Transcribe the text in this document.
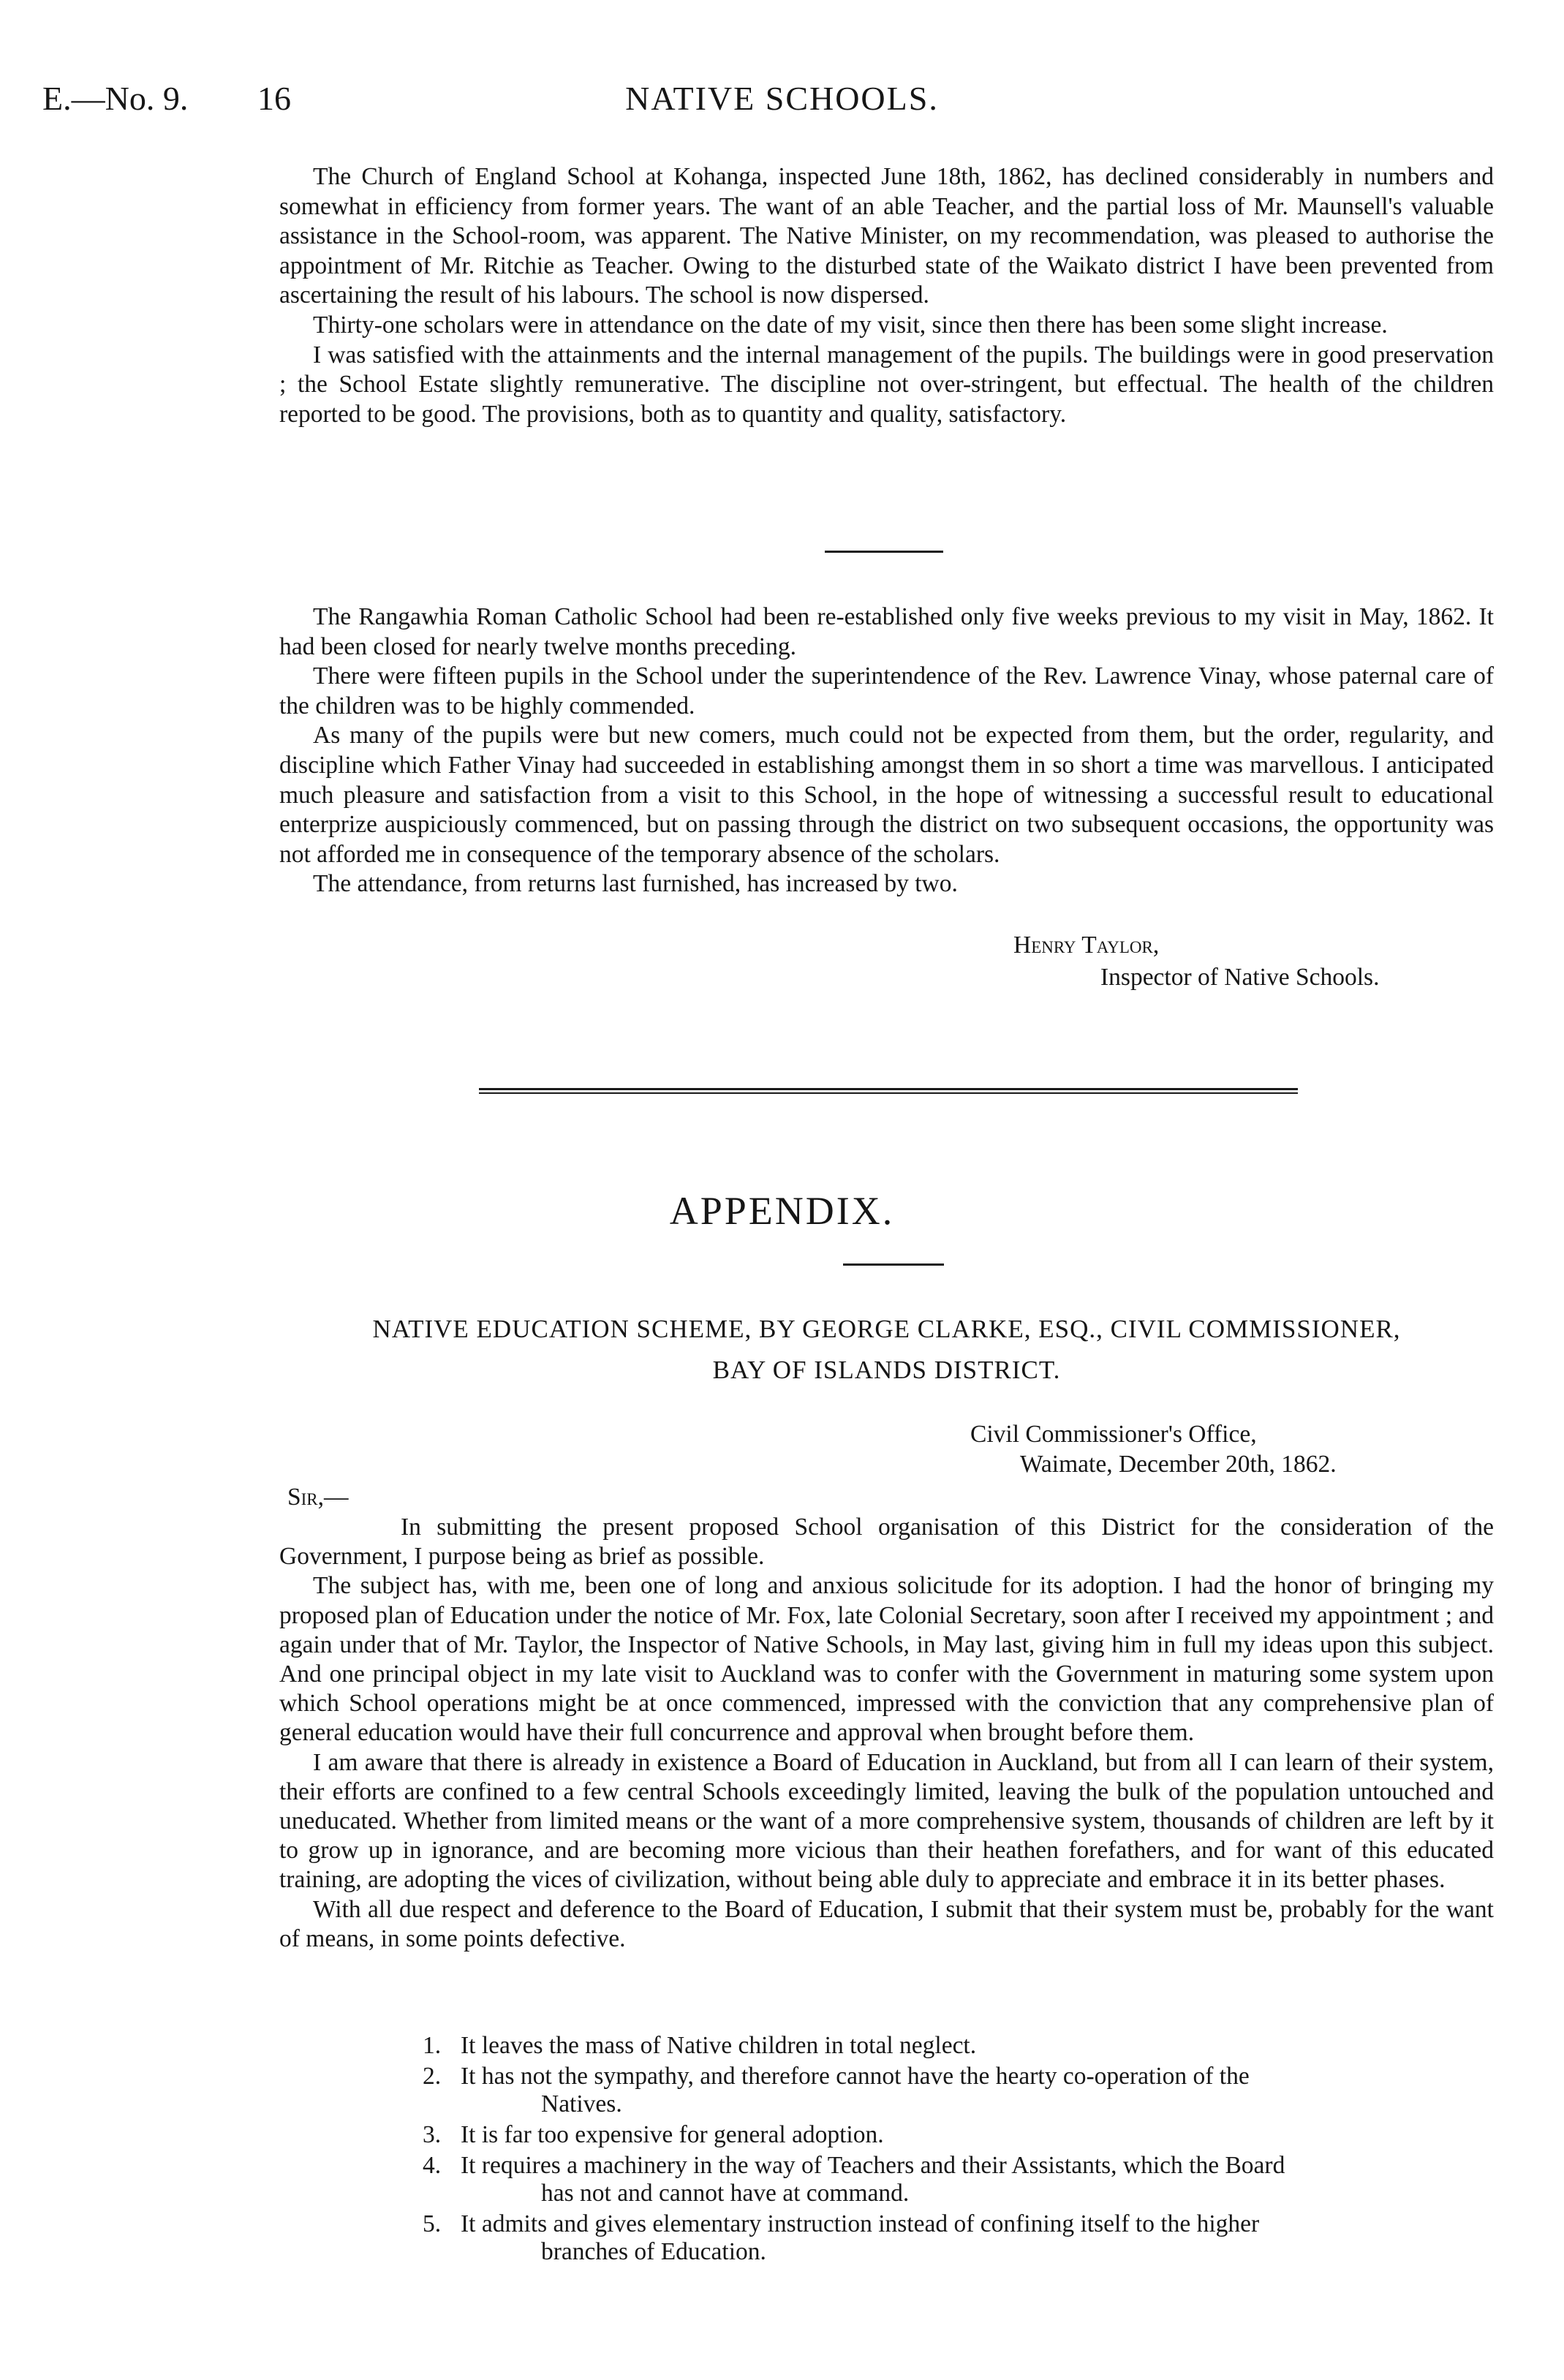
E.—No. 9. 16	NATIVE SCHOOLS.

The Church of England School at Kohanga, inspected June 18th, 1862, has declined considerably in numbers and somewhat in efficiency from former years. The want of an able Teacher, and the partial loss of Mr. Maunsell's valuable assistance in the School-room, was apparent. The Native Minister, on my recommendation, was pleased to authorise the appointment of Mr. Ritchie as Teacher. Owing to the disturbed state of the Waikato district I have been prevented from ascertaining the result of his labours. The school is now dispersed.

Thirty-one scholars were in attendance on the date of my visit, since then there has been some slight increase.

I was satisfied with the attainments and the internal management of the pupils. The buildings were in good preservation ; the School Estate slightly remunerative. The discipline not over-stringent, but effectual. The health of the children reported to be good. The provisions, both as to quantity and quality, satisfactory.

The Rangawhia Roman Catholic School had been re-established only five weeks previous to my visit in May, 1862. It had been closed for nearly twelve months preceding.

There were fifteen pupils in the School under the superintendence of the Rev. Lawrence Vinay, whose paternal care of the children was to be highly commended.

As many of the pupils were but new comers, much could not be expected from them, but the order, regularity, and discipline which Father Vinay had succeeded in establishing amongst them in so short a time was marvellous. I anticipated much pleasure and satisfaction from a visit to this School, in the hope of witnessing a successful result to educational enterprize auspiciously commenced, but on passing through the district on two subsequent occasions, the opportunity was not afforded me in consequence of the temporary absence of the scholars.

The attendance, from returns last furnished, has increased by two.

Henry Taylor,
Inspector of Native Schools.
APPENDIX.
NATIVE EDUCATION SCHEME, BY GEORGE CLARKE, ESQ., CIVIL COMMISSIONER,
BAY OF ISLANDS DISTRICT.
Civil Commissioner's Office,
Waimate, December 20th, 1862.
Sir,—

In submitting the present proposed School organisation of this District for the consideration of the Government, I purpose being as brief as possible.

The subject has, with me, been one of long and anxious solicitude for its adoption. I had the honor of bringing my proposed plan of Education under the notice of Mr. Fox, late Colonial Secretary, soon after I received my appointment ; and again under that of Mr. Taylor, the Inspector of Native Schools, in May last, giving him in full my ideas upon this subject. And one principal object in my late visit to Auckland was to confer with the Government in maturing some system upon which School operations might be at once commenced, impressed with the conviction that any comprehensive plan of general education would have their full concurrence and approval when brought before them.

I am aware that there is already in existence a Board of Education in Auckland, but from all I can learn of their system, their efforts are confined to a few central Schools exceedingly limited, leaving the bulk of the population untouched and uneducated. Whether from limited means or the want of a more comprehensive system, thousands of children are left by it to grow up in ignorance, and are becoming more vicious than their heathen forefathers, and for want of this educated training, are adopting the vices of civilization, without being able duly to appreciate and embrace it in its better phases.

With all due respect and deference to the Board of Education, I submit that their system must be, probably for the want of means, in some points defective.

1. It leaves the mass of Native children in total neglect.
2. It has not the sympathy, and therefore cannot have the hearty co-operation of the
Natives.
3. It is far too expensive for general adoption.
4. It requires a machinery in the way of Teachers and their Assistants, which the Board
has not and cannot have at command.
5. It admits and gives elementary instruction instead of confining itself to the higher
branches of Education.
